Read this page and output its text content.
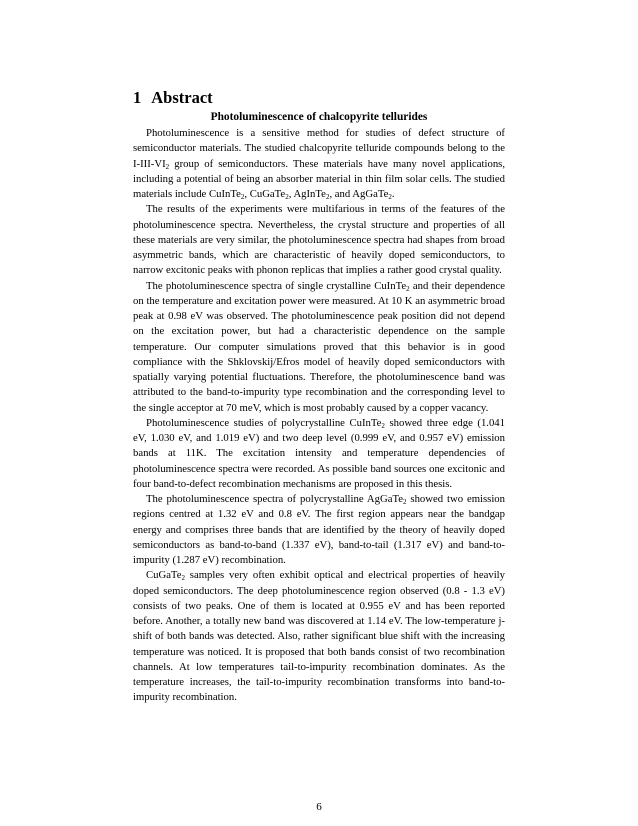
1 Abstract
Photoluminescence of chalcopyrite tellurides

Photoluminescence is a sensitive method for studies of defect structure of semiconductor materials. The studied chalcopyrite telluride compounds belong to the $I-III-VI_2$ group of semiconductors. These materials have many novel applications, including a potential of being an absorber material in thin film solar cells. The studied materials include CuInTe$_2$, CuGaTe$_2$, AgInTe$_2$, and AgGaTe$_2$.

The results of the experiments were multifarious in terms of the features of the photoluminescence spectra. Nevertheless, the crystal structure and properties of all these materials are very similar, the photoluminescence spectra had shapes from broad asymmetric bands, which are characteristic of heavily doped semiconductors, to narrow excitonic peaks with phonon replicas that implies a rather good crystal quality.

The photoluminescence spectra of single crystalline CuInTe$_2$ and their dependence on the temperature and excitation power were measured. At 10 K an asymmetric broad peak at 0.98 eV was observed. The photoluminescence peak position did not depend on the excitation power, but had a characteristic dependence on the sample temperature. Our computer simulations proved that this behavior is in good compliance with the Shklovskij/Efros model of heavily doped semiconductors with spatially varying potential fluctuations. Therefore, the photoluminescence band was attributed to the band-to-impurity type recombination and the corresponding level to the single acceptor at 70 meV, which is most probably caused by a copper vacancy.

Photoluminescence studies of polycrystalline CuInTe$_2$ showed three edge (1.041 eV, 1.030 eV, and 1.019 eV) and two deep level (0.999 eV, and 0.957 eV) emission bands at 11K. The excitation intensity and temperature dependencies of photoluminescence spectra were recorded. As possible band sources one excitonic and four band-to-defect recombination mechanisms are proposed in this thesis.

The photoluminescence spectra of polycrystalline AgGaTe$_2$ showed two emission regions centred at 1.32 eV and 0.8 eV. The first region appears near the bandgap energy and comprises three bands that are identified by the theory of heavily doped semiconductors as band-to-band (1.337 eV), band-to-tail (1.317 eV) and band-to-impurity (1.287 eV) recombination.

CuGaTe$_2$ samples very often exhibit optical and electrical properties of heavily doped semiconductors. The deep photoluminescence region observed (0.8 - 1.3 eV) consists of two peaks. One of them is located at 0.955 eV and has been reported before. Another, a totally new band was discovered at 1.14 eV. The low-temperature j-shift of both bands was detected. Also, rather significant blue shift with the increasing temperature was noticed. It is proposed that both bands consist of two recombination channels. At low temperatures tail-to-impurity recombination dominates. As the temperature increases, the tail-to-impurity recombination transforms into band-to-impurity recombination.

6
